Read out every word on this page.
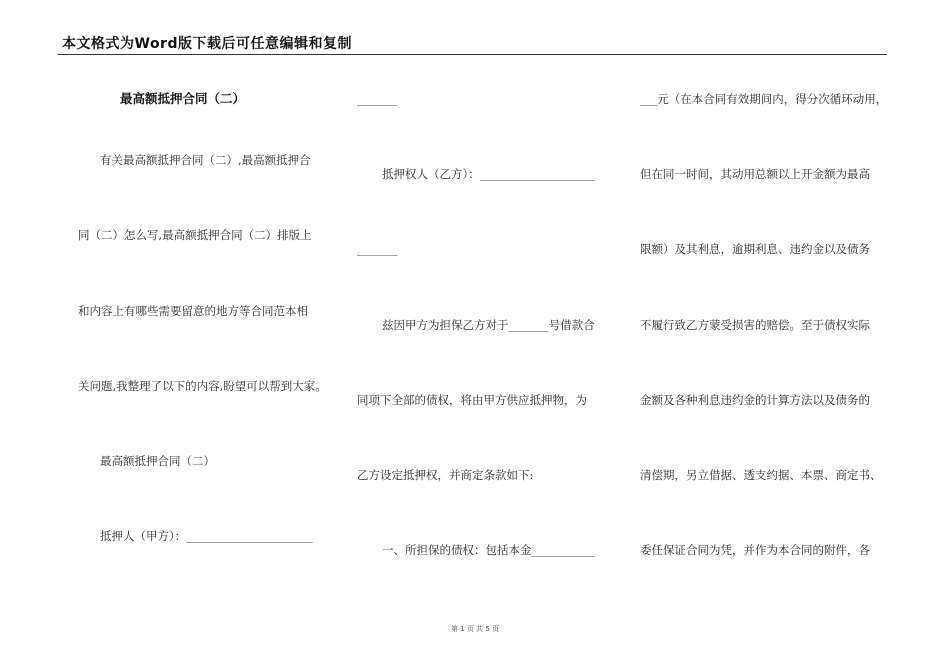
本文格式为Word版下载后可任意编辑和复制
最高额抵押合同（二）
有关最高额抵押合同（二）,最高额抵押合
同（二）怎么写,最高额抵押合同（二）排版上
和内容上有哪些需要留意的地方等合同范本相
关问题,我整理了以下的内容,盼望可以帮到大家。
最高额抵押合同（二）
抵押人（甲方）：______________________
_______
抵押权人（乙方）：____________________
_______
兹因甲方为担保乙方对于_______号借款合
同项下全部的债权，将由甲方供应抵押物，为
乙方设定抵押权，并商定条款如下:
一、所担保的债权：包括本金___________
___元（在本合同有效期间内，得分次循环动用，
但在同一时间，其动用总额以上开金额为最高
限额）及其利息，逾期利息、违约金以及债务
不履行致乙方蒙受损害的赔偿。至于债权实际
金额及各种利息违约金的计算方法以及债务的
清偿期，另立借据、透支约据、本票、商定书、
委任保证合同为凭，并作为本合同的附件，各
第 1 页 共 5 页
